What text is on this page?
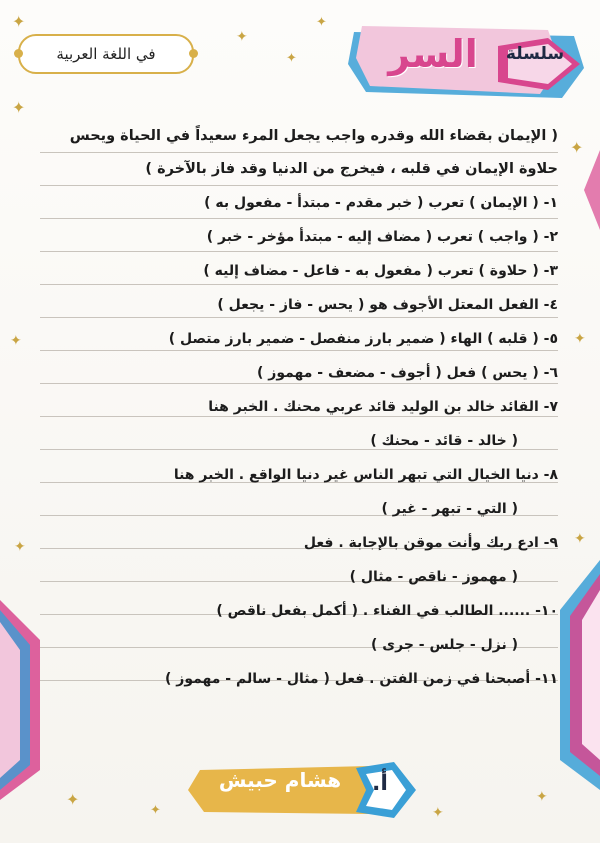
✦
✦
✦
✦
✦
✦
✦	✦
✦	✦
✦
✦	✦
✦
في اللغة العربية	السر	سلسلة

( الإيمان بقضاء الله وقدره واجب يجعل المرء سعيداً في الحياة ويحس حلاوة الإيمان في قلبه ، فيخرج من الدنيا وقد فاز بالآخرة )

١- ( الإيمان ) تعرب ( خبر مقدم - مبتدأ - مفعول به )

٢- ( واجب ) تعرب ( مضاف إليه - مبتدأ مؤخر - خبر )

٣- ( حلاوة ) تعرب ( مفعول به - فاعل - مضاف إليه )

٤- الفعل المعتل الأجوف هو ( يحس - فاز - يجعل )

٥- ( قلبه ) الهاء ( ضمير بارز منفصل - ضمير بارز متصل )

٦- ( يحس ) فعل ( أجوف - مضعف - مهموز )

٧- القائد خالد بن الوليد قائد عربي محنك . الخبر هنا

( خالد - قائد - محنك )

٨- دنيا الخيال التي تبهر الناس غير دنيا الواقع . الخبر هنا

( التي - تبهر - غير )

٩- ادع ربك وأنت موقن بالإجابة . فعل

( مهموز - ناقص - مثال )

١٠- ...... الطالب في الفناء . ( أكمل بفعل ناقص )

( نزل - جلس - جرى )

١١- أصبحنا في زمن الفتن . فعل ( مثال - سالم - مهموز )

هشام حبيش	أ.
